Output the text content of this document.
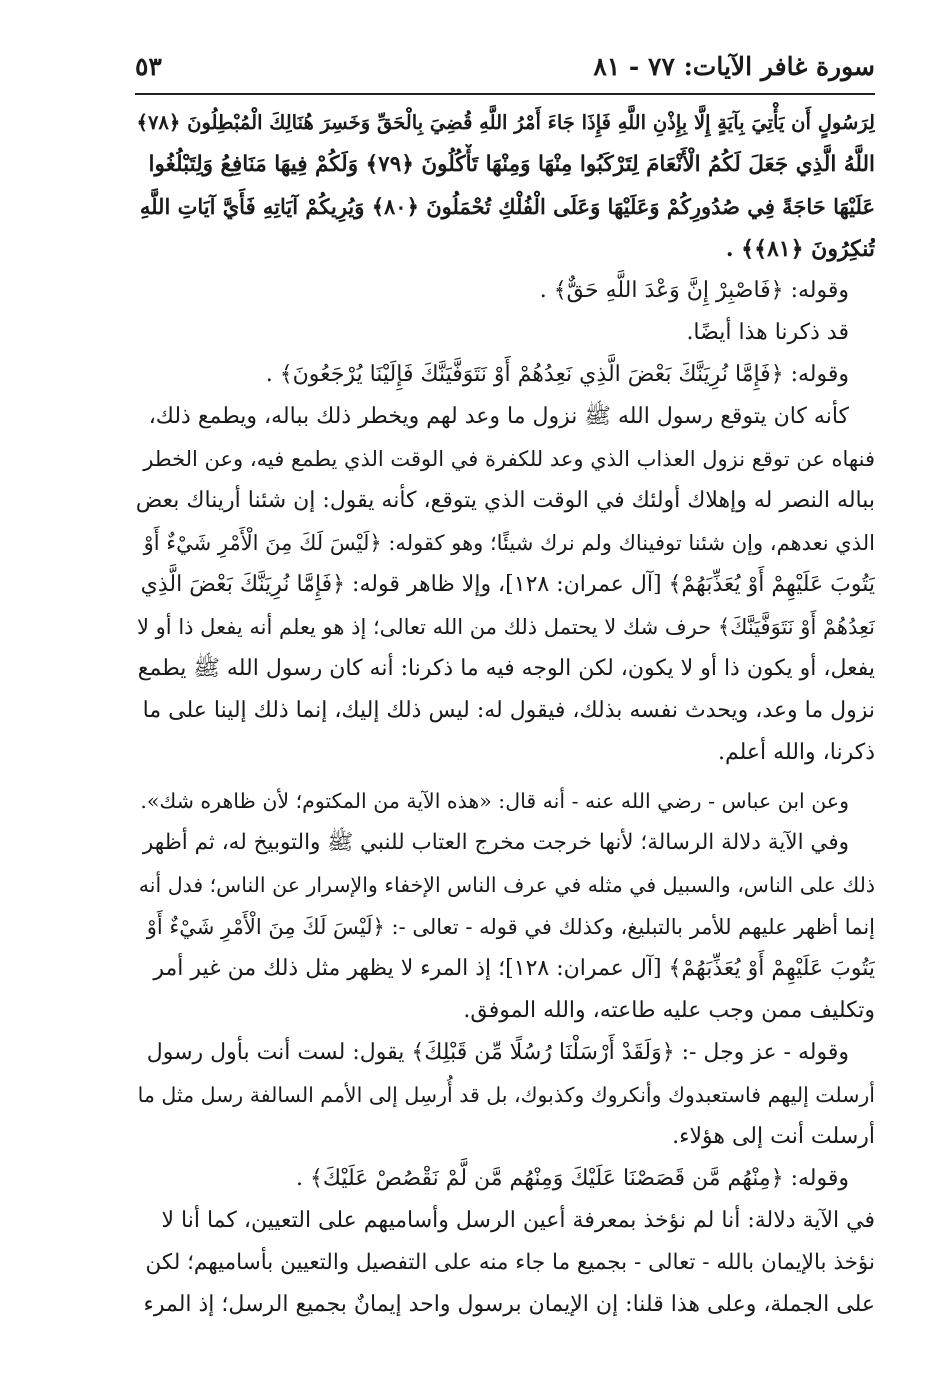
سورة غافر الآيات: ٧٧ - ٨١
٥٣
لِرَسُولٍ أَن يَأْتِيَ بِآيَةٍ إِلَّا بِإِذْنِ اللَّهِ فَإِذَا جَاءَ أَمْرُ اللَّهِ قُضِيَ بِالْحَقِّ وَخَسِرَ هُنَالِكَ الْمُبْطِلُونَ ﴿٧٨﴾
اللَّهُ الَّذِي جَعَلَ لَكُمُ الْأَنْعَامَ لِتَرْكَبُوا مِنْهَا وَمِنْهَا تَأْكُلُونَ ﴿٧٩﴾ وَلَكُمْ فِيهَا مَنَافِعُ وَلِتَبْلُغُوا
عَلَيْهَا حَاجَةً فِي صُدُورِكُمْ وَعَلَيْهَا وَعَلَى الْفُلْكِ تُحْمَلُونَ ﴿٨٠﴾ وَيُرِيكُمْ آيَاتِهِ فَأَيَّ آيَاتِ اللَّهِ
تُنكِرُونَ ﴿٨١﴾﴾ .
وقوله: ﴿فَاصْبِرْ إِنَّ وَعْدَ اللَّهِ حَقٌّ﴾ .
قد ذكرنا هذا أيضًا.
وقوله: ﴿فَإِمَّا نُرِيَنَّكَ بَعْضَ الَّذِي نَعِدُهُمْ أَوْ نَتَوَفَّيَنَّكَ فَإِلَيْنَا يُرْجَعُونَ﴾ .
كأنه كان يتوقع رسول الله ﷺ نزول ما وعد لهم ويخطر ذلك بباله، ويطمع ذلك،
فنهاه عن توقع نزول العذاب الذي وعد للكفرة في الوقت الذي يطمع فيه، وعن الخطر
بباله النصر له وإهلاك أولئك في الوقت الذي يتوقع، كأنه يقول: إن شئنا أريناك بعض
الذي نعدهم، وإن شئنا توفيناك ولم نرك شيئًا؛ وهو كقوله: ﴿لَيْسَ لَكَ مِنَ الْأَمْرِ شَيْءٌ أَوْ
يَتُوبَ عَلَيْهِمْ أَوْ يُعَذِّبَهُمْ﴾ [آل عمران: ١٢٨]، وإلا ظاهر قوله: ﴿فَإِمَّا نُرِيَنَّكَ بَعْضَ الَّذِي
نَعِدُهُمْ أَوْ نَتَوَفَّيَنَّكَ﴾ حرف شك لا يحتمل ذلك من الله تعالى؛ إذ هو يعلم أنه يفعل ذا أو لا
يفعل، أو يكون ذا أو لا يكون، لكن الوجه فيه ما ذكرنا: أنه كان رسول الله ﷺ يطمع
نزول ما وعد، ويحدث نفسه بذلك، فيقول له: ليس ذلك إليك، إنما ذلك إلينا على ما
ذكرنا، والله أعلم.
وعن ابن عباس - رضي الله عنه - أنه قال: «هذه الآية من المكتوم؛ لأن ظاهره شك».
وفي الآية دلالة الرسالة؛ لأنها خرجت مخرج العتاب للنبي ﷺ والتوبيخ له، ثم أظهر
ذلك على الناس، والسبيل في مثله في عرف الناس الإخفاء والإسرار عن الناس؛ فدل أنه
إنما أظهر عليهم للأمر بالتبليغ، وكذلك في قوله - تعالى -: ﴿لَيْسَ لَكَ مِنَ الْأَمْرِ شَيْءٌ أَوْ
يَتُوبَ عَلَيْهِمْ أَوْ يُعَذِّبَهُمْ﴾ [آل عمران: ١٢٨]؛ إذ المرء لا يظهر مثل ذلك من غير أمر
وتكليف ممن وجب عليه طاعته، والله الموفق.
وقوله - عز وجل -: ﴿وَلَقَدْ أَرْسَلْنَا رُسُلًا مِّن قَبْلِكَ﴾ يقول: لست أنت بأول رسول
أرسلت إليهم فاستعبدوك وأنكروك وكذبوك، بل قد أُرسِل إلى الأمم السالفة رسل مثل ما
أرسلت أنت إلى هؤلاء.
وقوله: ﴿مِنْهُم مَّن قَصَصْنَا عَلَيْكَ وَمِنْهُم مَّن لَّمْ نَقْصُصْ عَلَيْكَ﴾ .
في الآية دلالة: أنا لم نؤخذ بمعرفة أعين الرسل وأساميهم على التعيين، كما أنا لا
نؤخذ بالإيمان بالله - تعالى - بجميع ما جاء منه على التفصيل والتعيين بأساميهم؛ لكن
على الجملة، وعلى هذا قلنا: إن الإيمان برسول واحد إيمانٌ بجميع الرسل؛ إذ المرء
